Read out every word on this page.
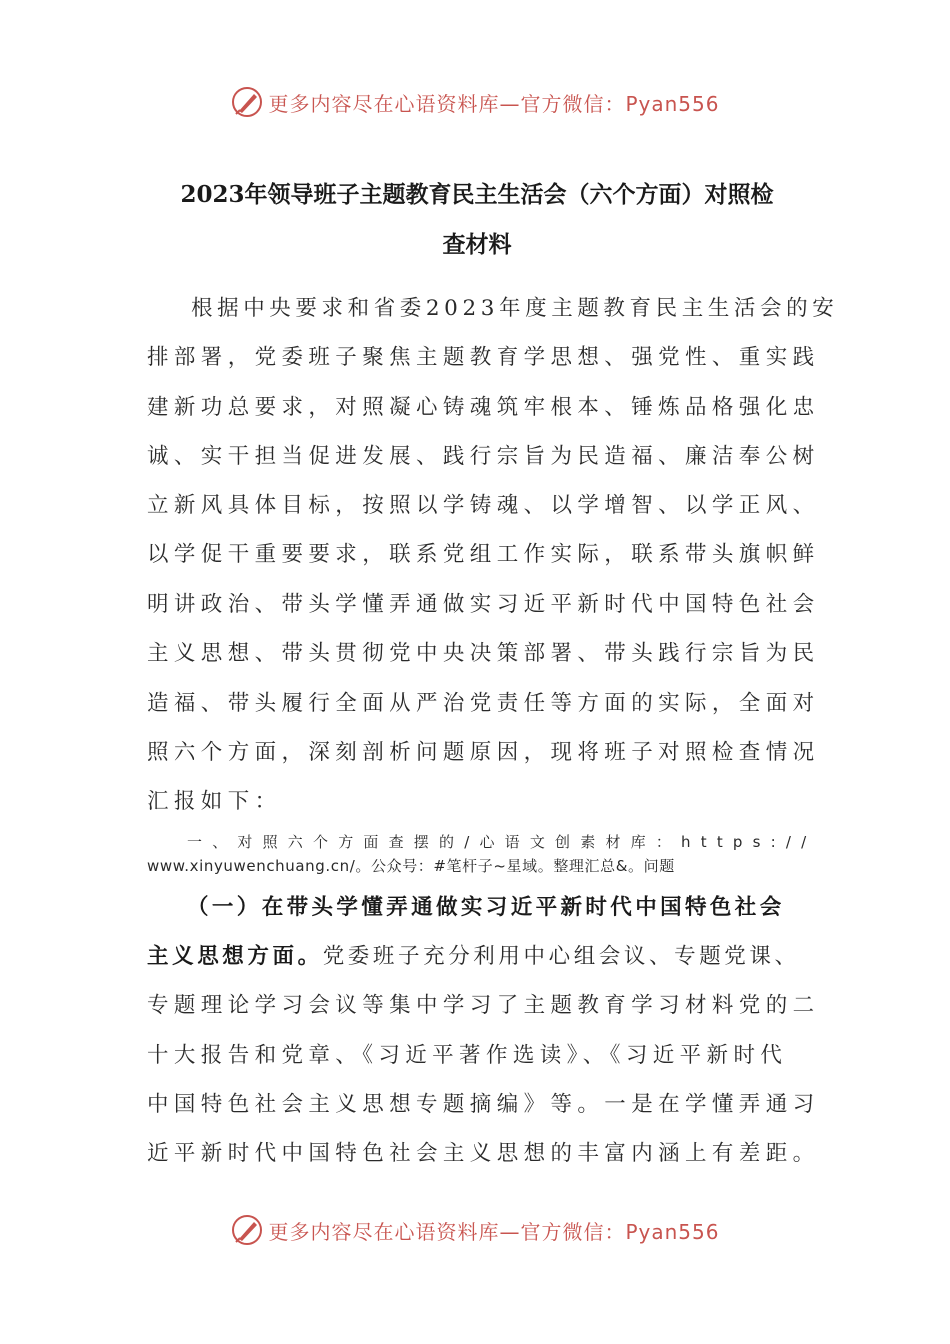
更多内容尽在心语资料库 —官方微信：Pyan556
2023年领导班子主题教育民主生活会（六个方面）对照检
查材料

根据中央要求和省委2023年度主题教育民主生活会的安

排部署，党委班子聚焦主题教育学思想、强党性、重实践

建新功总要求，对照凝心铸魂筑牢根本、锤炼品格强化忠

诚、实干担当促进发展、践行宗旨为民造福、廉洁奉公树

立新风具体目标，按照以学铸魂、以学增智、以学正风、

以学促干重要要求，联系党组工作实际，联系带头旗帜鲜

明讲政治、带头学懂弄通做实习近平新时代中国特色社会

主义思想、带头贯彻党中央决策部署、带头践行宗旨为民

造福、带头履行全面从严治党责任等方面的实际，全面对

照六个方面，深刻剖析问题原因，现将班子对照检查情况

汇报如下：

一、对照六个方面查摆的/心语文创素材库：https://

www.xinyuwenchuang.cn/。公众号：#笔杆子~星域。整理汇总&。问题

（一）在带头学懂弄通做实习近平新时代中国特色社会

主义思想方面。党委班子充分利用中心组会议、专题党课、

专题理论学习会议等集中学习了主题教育学习材料党的二

十大报告和党章、《习近平著作选读》、《习近平新时代

中国特色社会主义思想专题摘编》等。一是在学懂弄通习

近平新时代中国特色社会主义思想的丰富内涵上有差距。

更多内容尽在心语资料库 —官方微信：Pyan556
